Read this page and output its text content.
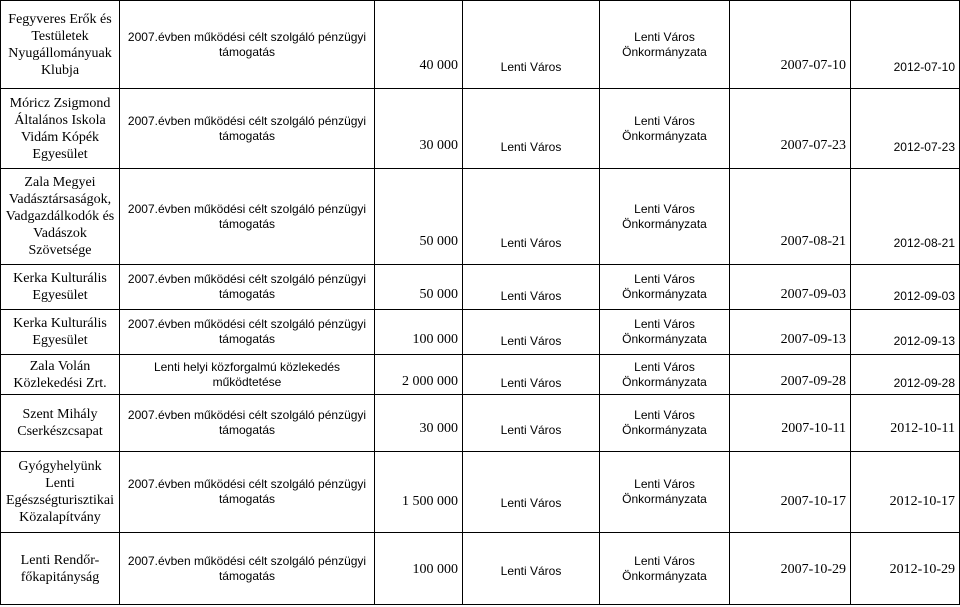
Fegyveres Erők és
Testületek
Nyugállományuak
Klubja	2007.évben működési célt szolgáló pénzügyi
támogatás	40 000	Lenti Város	Lenti Város
Önkormányzata	2007-07-10	2012-07-10
Móricz Zsigmond
Általános Iskola
Vidám Kópék
Egyesület	2007.évben működési célt szolgáló pénzügyi
támogatás	30 000	Lenti Város	Lenti Város
Önkormányzata	2007-07-23	2012-07-23
Zala Megyei
Vadásztársaságok,
Vadgazdálkodók és
Vadászok
Szövetsége	2007.évben működési célt szolgáló pénzügyi
támogatás	50 000	Lenti Város	Lenti Város
Önkormányzata	2007-08-21	2012-08-21
Kerka Kulturális
Egyesület	2007.évben működési célt szolgáló pénzügyi
támogatás	50 000	Lenti Város	Lenti Város
Önkormányzata	2007-09-03	2012-09-03
Kerka Kulturális
Egyesület	2007.évben működési célt szolgáló pénzügyi
támogatás	100 000	Lenti Város	Lenti Város
Önkormányzata	2007-09-13	2012-09-13
Zala Volán
Közlekedési Zrt.	Lenti helyi közforgalmú közlekedés
működtetése	2 000 000	Lenti Város	Lenti Város
Önkormányzata	2007-09-28	2012-09-28
Szent Mihály
Cserkészcsapat	2007.évben működési célt szolgáló pénzügyi
támogatás	30 000	Lenti Város	Lenti Város
Önkormányzata	2007-10-11	2012-10-11
Gyógyhelyünk
Lenti
Egészségturisztikai
Közalapítvány	2007.évben működési célt szolgáló pénzügyi
támogatás	1 500 000	Lenti Város	Lenti Város
Önkormányzata	2007-10-17	2012-10-17
Lenti Rendőr-
főkapitányság	2007.évben működési célt szolgáló pénzügyi
támogatás	100 000	Lenti Város	Lenti Város
Önkormányzata	2007-10-29	2012-10-29
